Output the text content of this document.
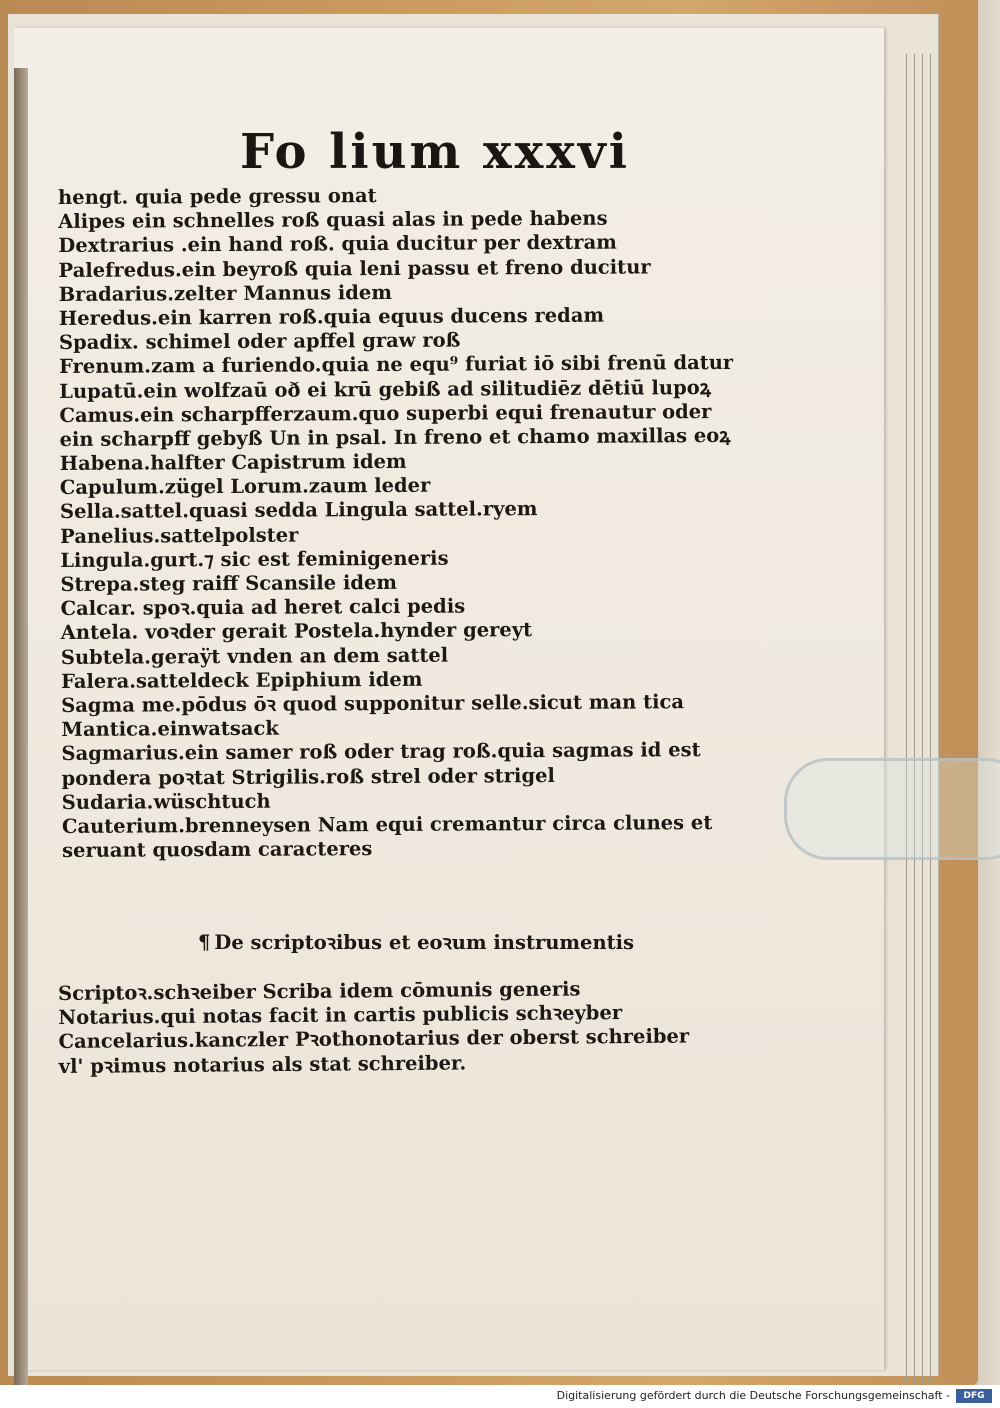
Fo lium xxxvi
hengt. quia pede gressu onat
Alipes ein schnelles roß quasi alas in pede habens
Dextrarius .ein hand roß. quia ducitur per dextram
Palefredus.ein beyroß quia leni passu et freno ducitur
Bradarius.zelter Mannus idem
Heredus.ein karren roß.quia equus ducens redam
Spadix. schimel oder apffel graw roß
Frenum.zam a furiendo.quia ne equ⁹ furiat iō sibi frenū datur
Lupatū.ein wolfzaū oð ei krū gebiß ad silitudiēz dētiū lupoꝝ
Camus.ein scharpfferzaum.quo superbi equi frenautur oder
ein scharpff gebyß Un in psal. In freno et chamo maxillas eoꝝ
Habena.halfter Capistrum idem
Capulum.zügel Lorum.zaum leder
Sella.sattel.quasi sedda Lingula sattel.ryem
Panelius.sattelpolster
Lingula.gurt.⁊ sic est feminigeneris
Strepa.steg raiff Scansile idem
Calcar. spoꝛ.quia ad heret calci pedis
Antela. voꝛder gerait Postela.hynder gereyt
Subtela.geraÿt vnden an dem sattel
Falera.satteldeck Epiphium idem
Sagma me.pōdus ōꝛ quod supponitur selle.sicut man tica
Mantica.einwatsack
Sagmarius.ein samer roß oder trag roß.quia sagmas id est
pondera poꝛtat Strigilis.roß strel oder strigel
Sudaria.wüschtuch
Cauterium.brenneysen Nam equi cremantur circa clunes et
seruant quosdam caracteres
¶ De scriptoꝛibus et eoꝛum instrumentis
Scriptoꝛ.schꝛeiber Scriba idem cōmunis generis
Notarius.qui notas facit in cartis publicis schꝛeyber
Cancelarius.kanczler Pꝛothonotarius der oberst schreiber
vl' pꝛimus notarius als stat schreiber.
Digitalisierung gefördert durch die Deutsche Forschungsgemeinschaft -	DFG
